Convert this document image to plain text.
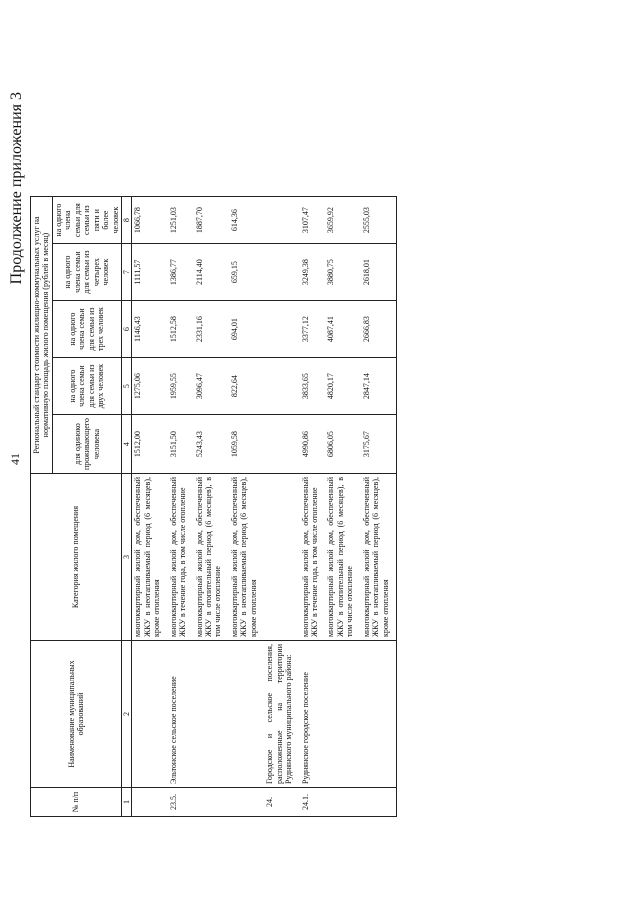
41
Продолжение приложения 3
№ п/п	Наименование муниципальных образований	Категория жилого помещения	Региональный стандарт стоимости жилищно-коммунальных услуг на нормативную площадь жилого помещения (рублей в месяц)				
			для одиноко проживающего человека	на одного члена семьи для семьи из двух человек	на одного члена семьи для семьи из трех человек	на одного члена семьи для семьи из четырех человек	на одного члена семьи для семьи из пяти и более человек
1	2	3	4	5	6	7	8
		многоквартирный жилой дом, обеспеченный ЖКУ в неотапливаемый период (6 месяцев), кроме отопления	1512,00	1275,06	1146,43	1111,57	1066,78
23.5.	Эльтонское сельское поселение	многоквартирный жилой дом, обеспеченный ЖКУ в течение года, в том числе отопление	3151,50	1959,55	1512,58	1386,77	1251,03
		многоквартирный жилой дом, обеспеченный ЖКУ в отопительный период (6 месяцев), в том числе отопление	5243,43	3096,47	2331,16	2114,40	1887,70
		многоквартирный жилой дом, обеспеченный ЖКУ в неотапливаемый период (6 месяцев), кроме отопления	1059,58	822,64	694,01	659,15	614,36
24.	Городское и сельское поселения, расположенные на территории Руднянского муниципального района:						
24.1.	Руднянское городское поселение	многоквартирный жилой дом, обеспеченный ЖКУ в течение года, в том числе отопление	4990,86	3833,65	3377,12	3249,38	3107,47
		многоквартирный жилой дом, обеспеченный ЖКУ в отопительный период (6 месяцев), в том числе отопление	6806,05	4820,17	4087,41	3880,75	3659,92
		многоквартирный жилой дом, обеспеченный ЖКУ в неотапливаемый период (6 месяцев), кроме отопления	3175,67	2847,14	2666,83	2618,01	2555,03
